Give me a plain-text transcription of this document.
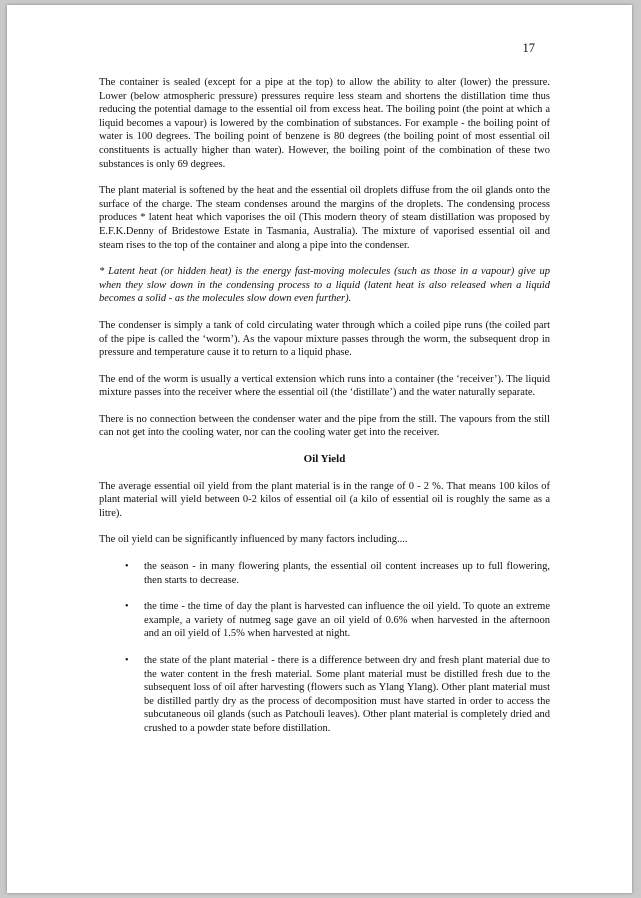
17

The container is sealed (except for a pipe at the top) to allow the ability to alter (lower) the pressure. Lower (below atmospheric pressure) pressures require less steam and shortens the distillation time thus reducing the potential damage to the essential oil from excess heat. The boiling point (the point at which a liquid becomes a vapour) is lowered by the combination of substances. For example - the boiling point of water is 100 degrees. The boiling point of benzene is 80 degrees (the boiling point of most essential oil constituents is actually higher than water). However, the boiling point of the combination of these two substances is only 69 degrees.

The plant material is softened by the heat and the essential oil droplets diffuse from the oil glands onto the surface of the charge. The steam condenses around the margins of the droplets. The condensing process produces * latent heat which vaporises the oil (This modern theory of steam distillation was proposed by E.F.K.Denny of Bridestowe Estate in Tasmania, Australia). The mixture of vaporised essential oil and steam rises to the top of the container and along a pipe into the condenser.

* Latent heat (or hidden heat) is the energy fast-moving molecules (such as those in a vapour) give up when they slow down in the condensing process to a liquid (latent heat is also released when a liquid becomes a solid - as the molecules slow down even further).

The condenser is simply a tank of cold circulating water through which a coiled pipe runs (the coiled part of the pipe is called the ‘worm’). As the vapour mixture passes through the worm, the subsequent drop in pressure and temperature cause it to return to a liquid phase.

The end of the worm is usually a vertical extension which runs into a container (the ‘receiver’). The liquid mixture passes into the receiver where the essential oil (the ‘distillate’) and the water naturally separate.

There is no connection between the condenser water and the pipe from the still. The vapours from the still can not get into the cooling water, nor can the cooling water get into the receiver.

Oil Yield

The average essential oil yield from the plant material is in the range of 0 - 2 %. That means 100 kilos of plant material will yield between 0-2 kilos of essential oil (a kilo of essential oil is roughly the same as a litre).

The oil yield can be significantly influenced by many factors including....

• the season - in many flowering plants, the essential oil content increases up to full flowering, then starts to decrease.
• the time - the time of day the plant is harvested can influence the oil yield. To quote an extreme example, a variety of nutmeg sage gave an oil yield of 0.6% when harvested in the afternoon and an oil yield of 1.5% when harvested at night.
• the state of the plant material - there is a difference between dry and fresh plant material due to the water content in the fresh material. Some plant material must be distilled fresh due to the subsequent loss of oil after harvesting (flowers such as Ylang Ylang). Other plant material must be distilled partly dry as the process of decomposition must have started in order to access the subcutaneous oil glands (such as Patchouli leaves). Other plant material is completely dried and crushed to a powder state before distillation.
